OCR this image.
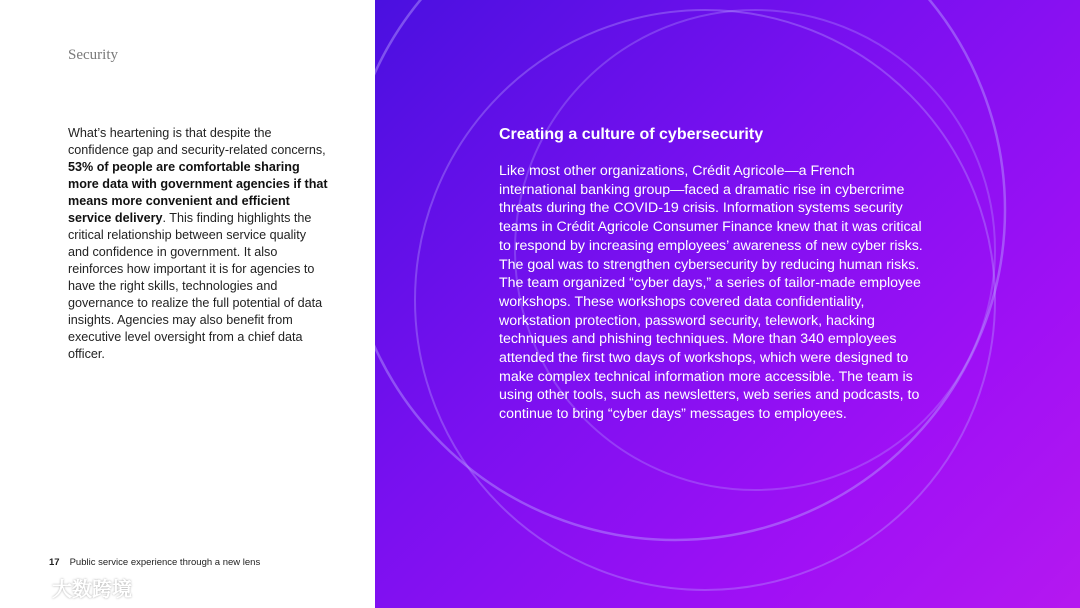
Security
What’s heartening is that despite the confidence gap and security-related concerns, 53% of people are comfortable sharing more data with government agencies if that means more convenient and efficient service delivery. This finding highlights the critical relationship between service quality and confidence in government. It also reinforces how important it is for agencies to have the right skills, technologies and governance to realize the full potential of data insights. Agencies may also benefit from executive level oversight from a chief data officer.
17 Public service experience through a new lens
大数跨境
Creating a culture of cybersecurity
Like most other organizations, Crédit Agricole—a French international banking group—faced a dramatic rise in cybercrime threats during the COVID-19 crisis. Information systems security teams in Crédit Agricole Consumer Finance knew that it was critical to respond by increasing employees’ awareness of new cyber risks. The goal was to strengthen cybersecurity by reducing human risks. The team organized “cyber days,” a series of tailor-made employee workshops. These workshops covered data confidentiality, workstation protection, password security, telework, hacking techniques and phishing techniques. More than 340 employees attended the first two days of workshops, which were designed to make complex technical information more accessible. The team is using other tools, such as newsletters, web series and podcasts, to continue to bring “cyber days” messages to employees.
